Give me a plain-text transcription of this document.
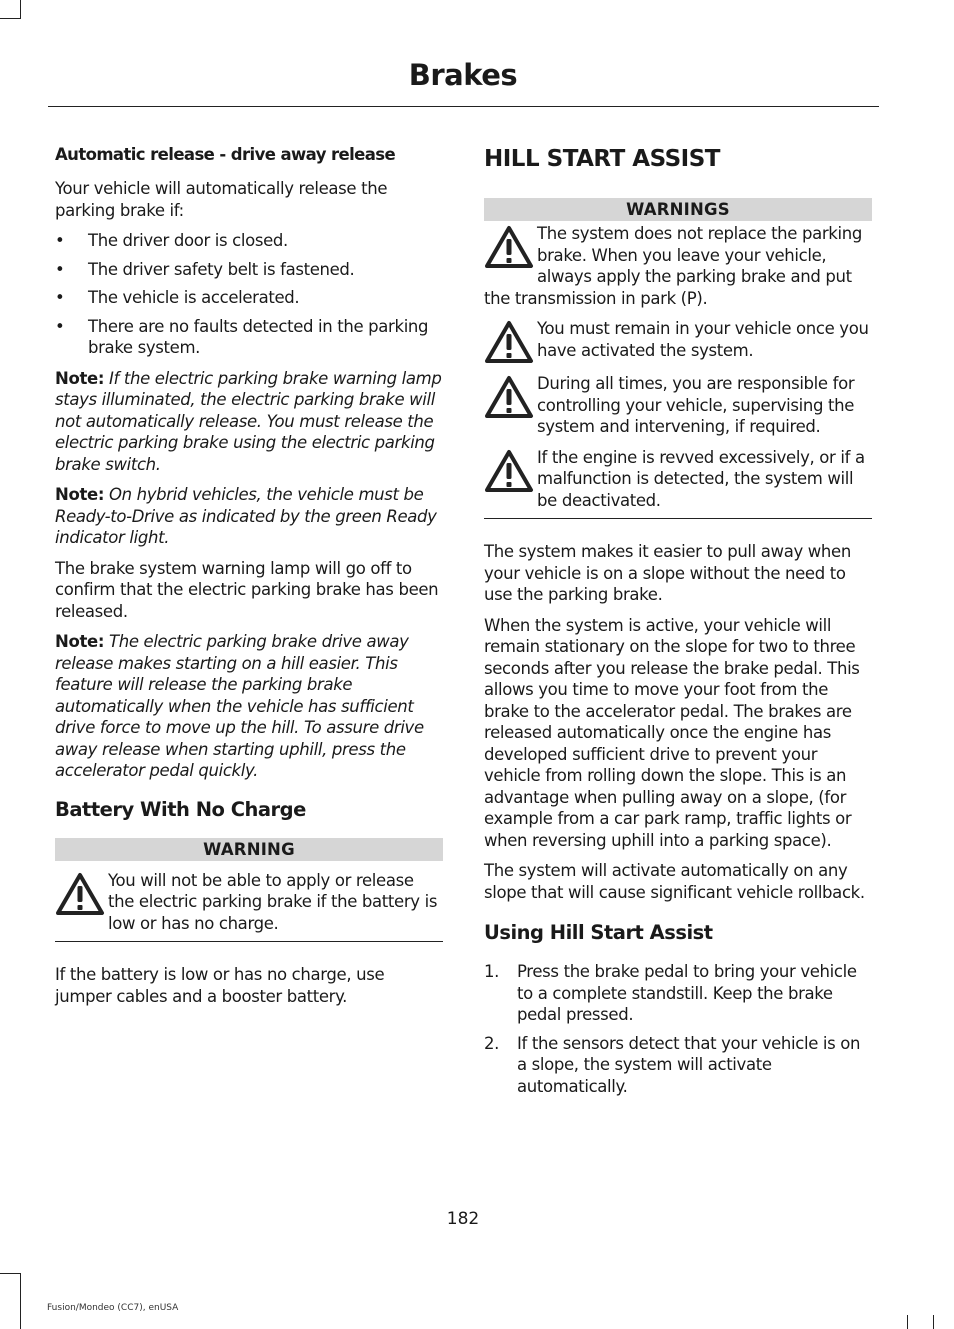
Brakes
Automatic release - drive away release

Your vehicle will automatically release the parking brake if:

• The driver door is closed.
• The driver safety belt is fastened.
• The vehicle is accelerated.
• There are no faults detected in the parking brake system.

Note: If the electric parking brake warning lamp stays illuminated, the electric parking brake will not automatically release. You must release the electric parking brake using the electric parking brake switch.

Note: On hybrid vehicles, the vehicle must be Ready-to-Drive as indicated by the green Ready indicator light.

The brake system warning lamp will go off to confirm that the electric parking brake has been released.

Note: The electric parking brake drive away release makes starting on a hill easier. This feature will release the parking brake automatically when the vehicle has sufficient drive force to move up the hill. To assure drive away release when starting uphill, press the accelerator pedal quickly.

Battery With No Charge
WARNING
You will not be able to apply or release the electric parking brake if the battery is low or has no charge.

If the battery is low or has no charge, use jumper cables and a booster battery.

HILL START ASSIST
WARNINGS
The system does not replace the parking brake. When you leave your vehicle, always apply the parking brake and put the transmission in park (P).
You must remain in your vehicle once you have activated the system.
During all times, you are responsible for controlling your vehicle, supervising the system and intervening, if required.
If the engine is revved excessively, or if a malfunction is detected, the system will be deactivated.

The system makes it easier to pull away when your vehicle is on a slope without the need to use the parking brake.

When the system is active, your vehicle will remain stationary on the slope for two to three seconds after you release the brake pedal. This allows you time to move your foot from the brake to the accelerator pedal. The brakes are released automatically once the engine has developed sufficient drive to prevent your vehicle from rolling down the slope. This is an advantage when pulling away on a slope, (for example from a car park ramp, traffic lights or when reversing uphill into a parking space).

The system will activate automatically on any slope that will cause significant vehicle rollback.

Using Hill Start Assist
1. Press the brake pedal to bring your vehicle to a complete standstill. Keep the brake pedal pressed.
2. If the sensors detect that your vehicle is on a slope, the system will activate automatically.
182
Fusion/Mondeo (CC7), enUSA
